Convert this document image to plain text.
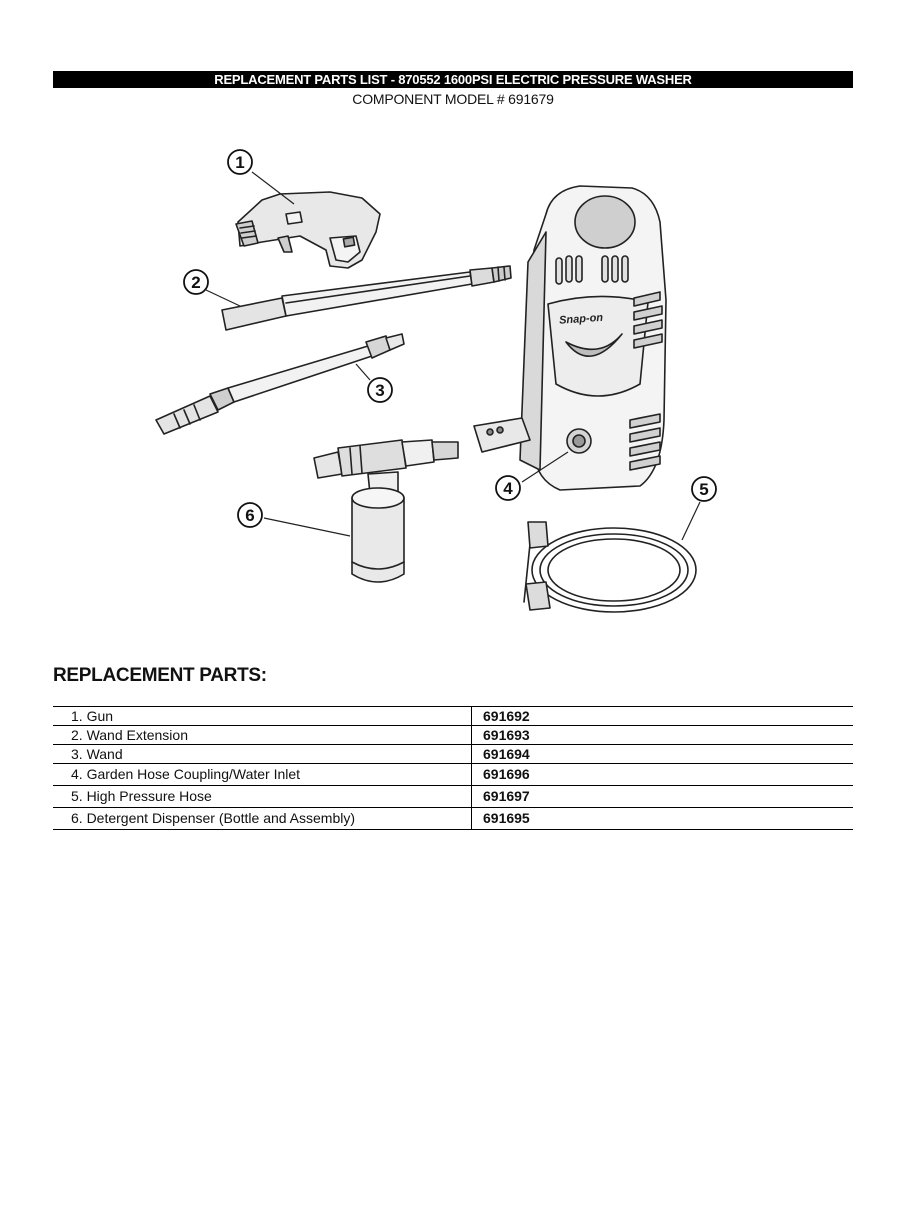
REPLACEMENT PARTS LIST - 870552 1600PSI ELECTRIC PRESSURE WASHER
COMPONENT MODEL # 691679
Snap-on
1
2
3
4	5
6
REPLACEMENT PARTS:
1. Gun	691692
2. Wand Extension	691693
3. Wand	691694
4. Garden Hose Coupling/Water Inlet	691696
5. High Pressure Hose	691697
6. Detergent Dispenser (Bottle and Assembly)	691695
